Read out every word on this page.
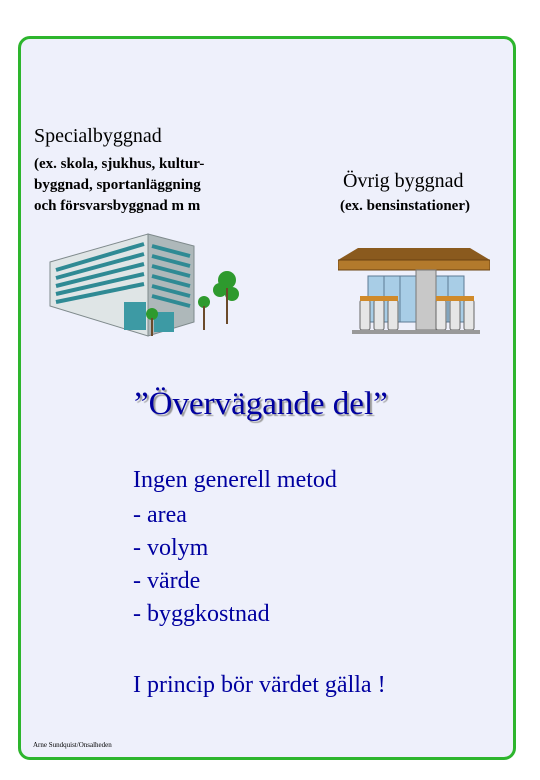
Specialbyggnad
(ex. skola, sjukhus, kultur-
byggnad, sportanläggning
och försvarsbyggnad m m
Övrig byggnad
(ex. bensinstationer)
”Övervägande del”
Ingen generell metod
- area
- volym
- värde
- byggkostnad
I princip bör värdet gälla !
Arne Sundquist/Onsalheden
